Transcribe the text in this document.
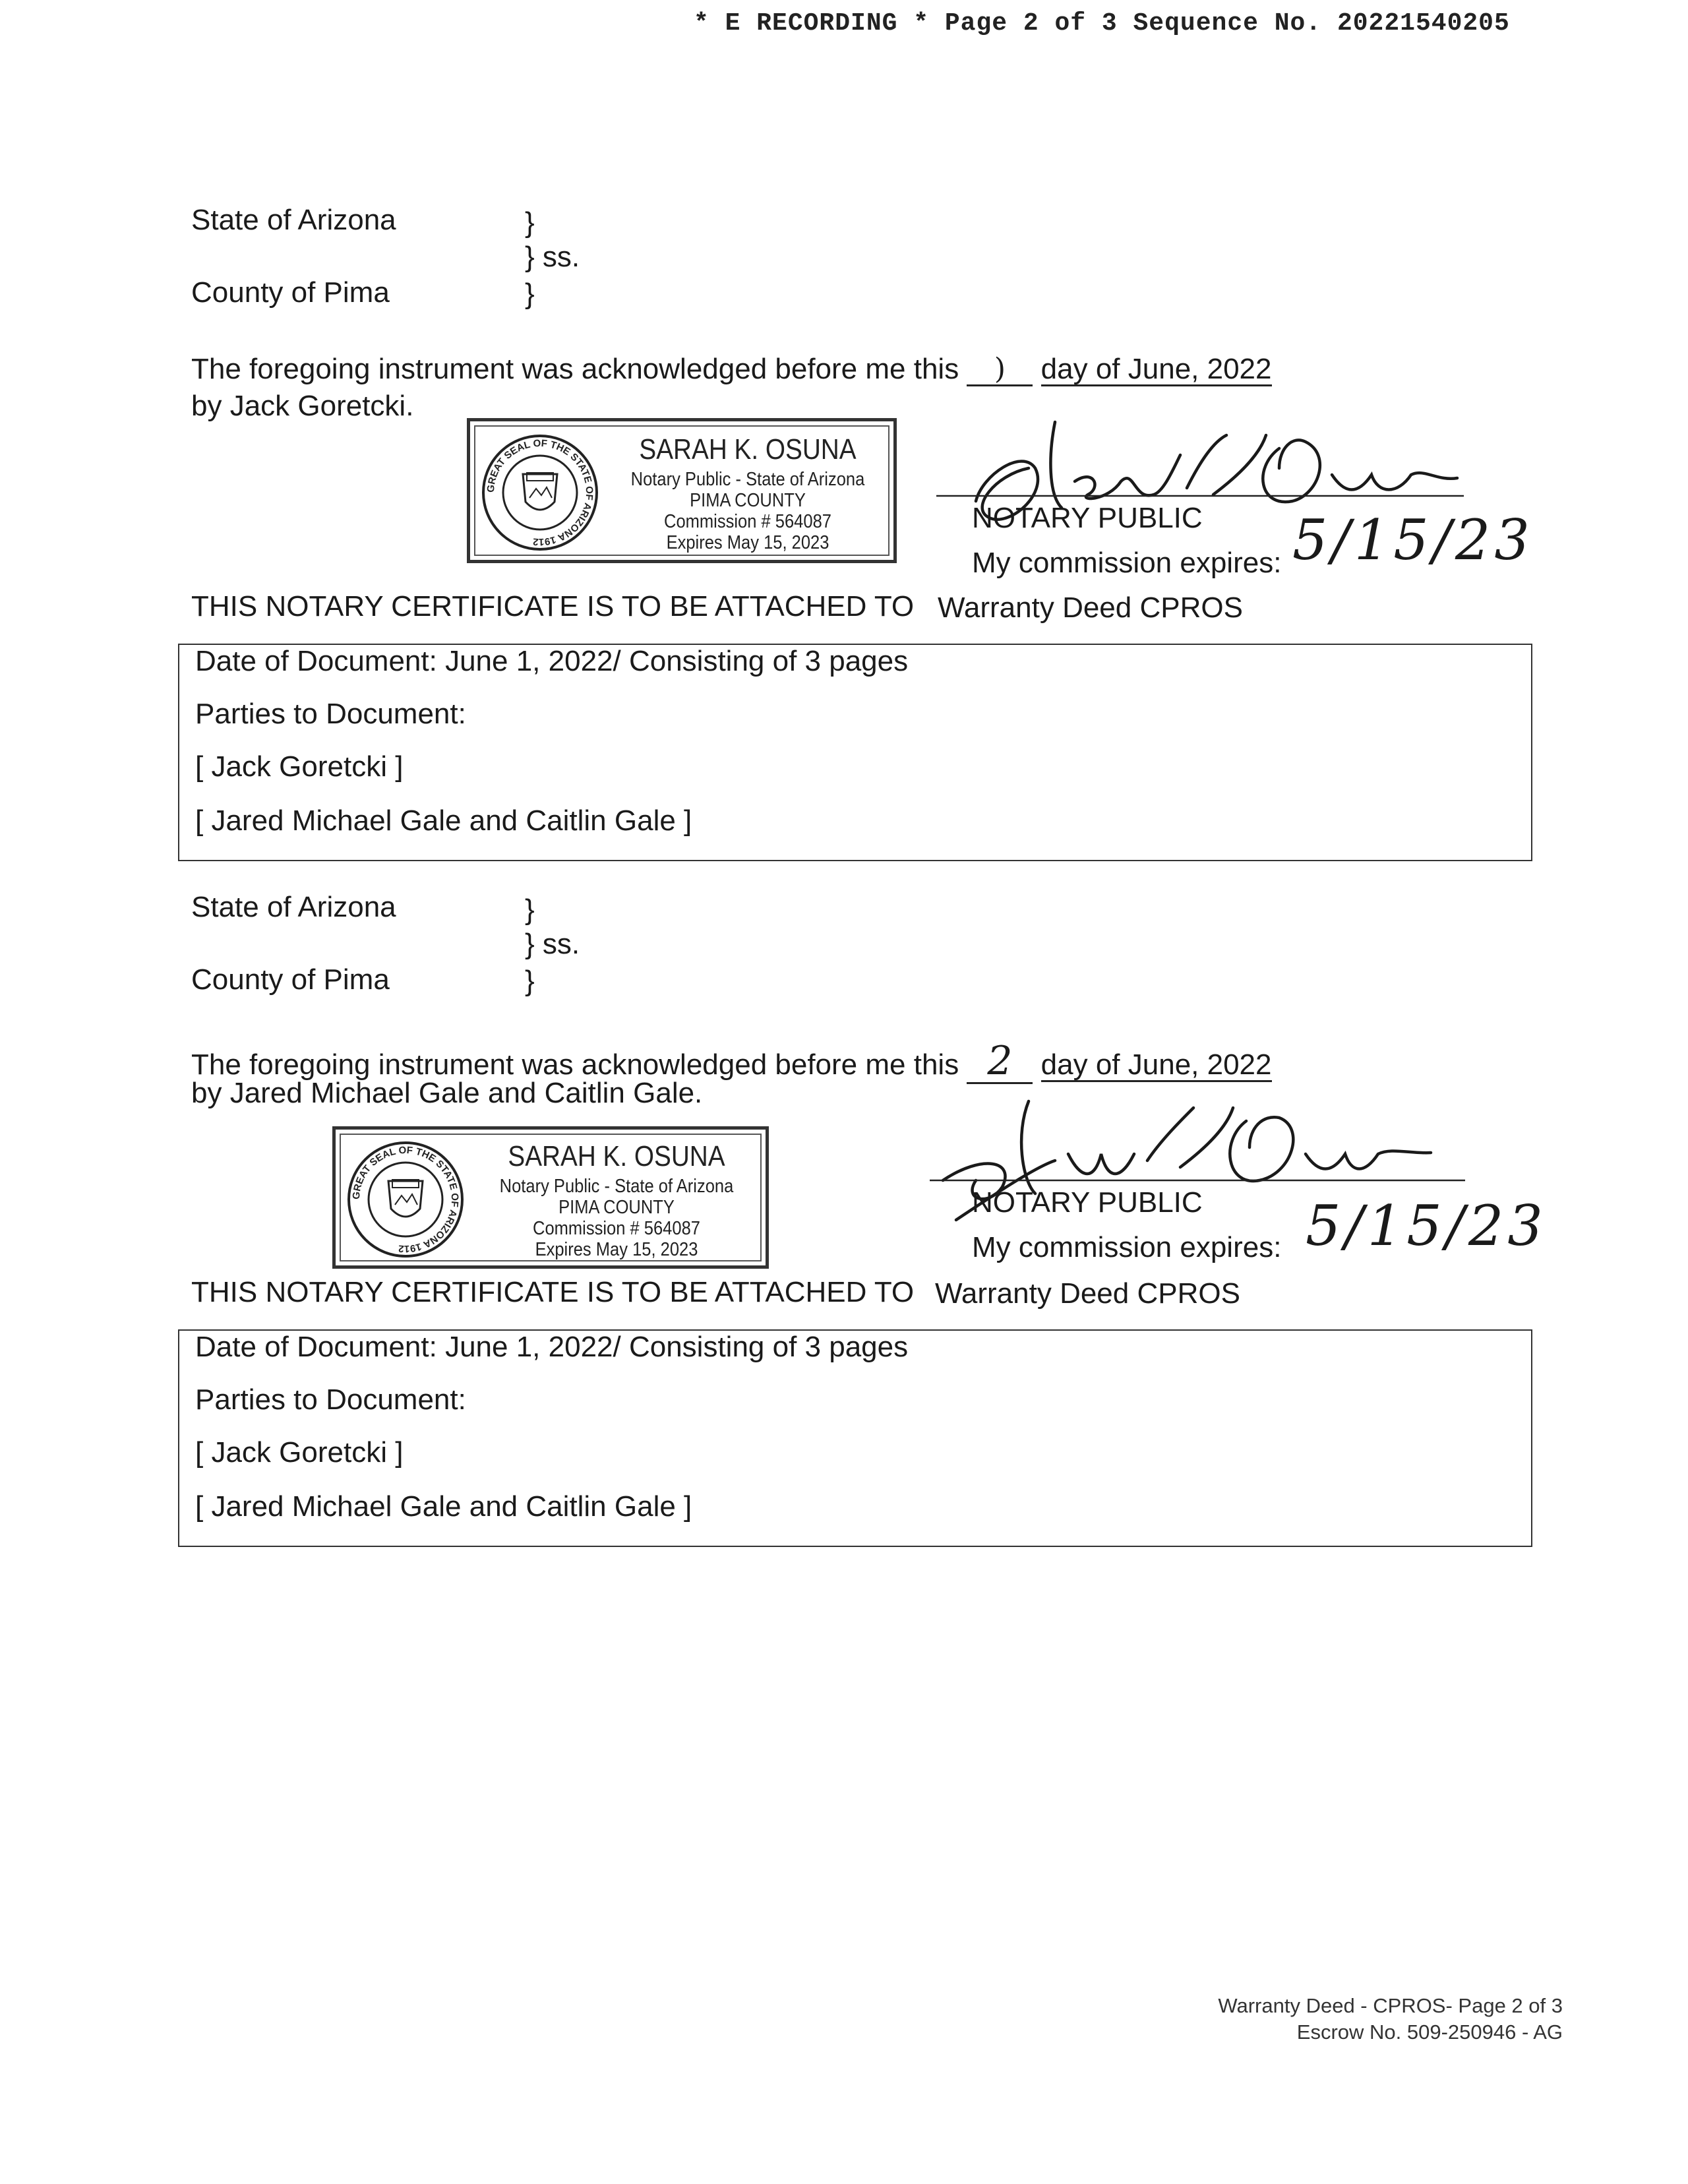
* E RECORDING * Page 2 of 3 Sequence No. 20221540205
State of Arizona	}
} ss.
County of Pima	}
The foregoing instrument was acknowledged before me this ) day of June, 2022
by Jack Goretcki.
GREAT SEAL OF THE STATE OF ARIZONA 1912
SARAH K. OSUNA
Notary Public - State of Arizona
PIMA COUNTY
Commission # 564087
Expires May 15, 2023
NOTARY PUBLIC
My commission expires: 5/15/23
THIS NOTARY CERTIFICATE IS TO BE ATTACHED TO Warranty Deed CPROS
Date of Document: June 1, 2022/ Consisting of 3 pages
Parties to Document:
[ Jack Goretcki ]
[ Jared Michael Gale and Caitlin Gale ]
State of Arizona	}
} ss.
County of Pima	}
The foregoing instrument was acknowledged before me this 2 day of June, 2022
by Jared Michael Gale and Caitlin Gale.
GREAT SEAL OF THE STATE OF ARIZONA 1912
SARAH K. OSUNA
Notary Public - State of Arizona
PIMA COUNTY
Commission # 564087
Expires May 15, 2023
NOTARY PUBLIC
My commission expires: 5/15/23
THIS NOTARY CERTIFICATE IS TO BE ATTACHED TO Warranty Deed CPROS
Date of Document: June 1, 2022/ Consisting of 3 pages
Parties to Document:
[ Jack Goretcki ]
[ Jared Michael Gale and Caitlin Gale ]
Warranty Deed - CPROS- Page 2 of 3
Escrow No. 509-250946 - AG
